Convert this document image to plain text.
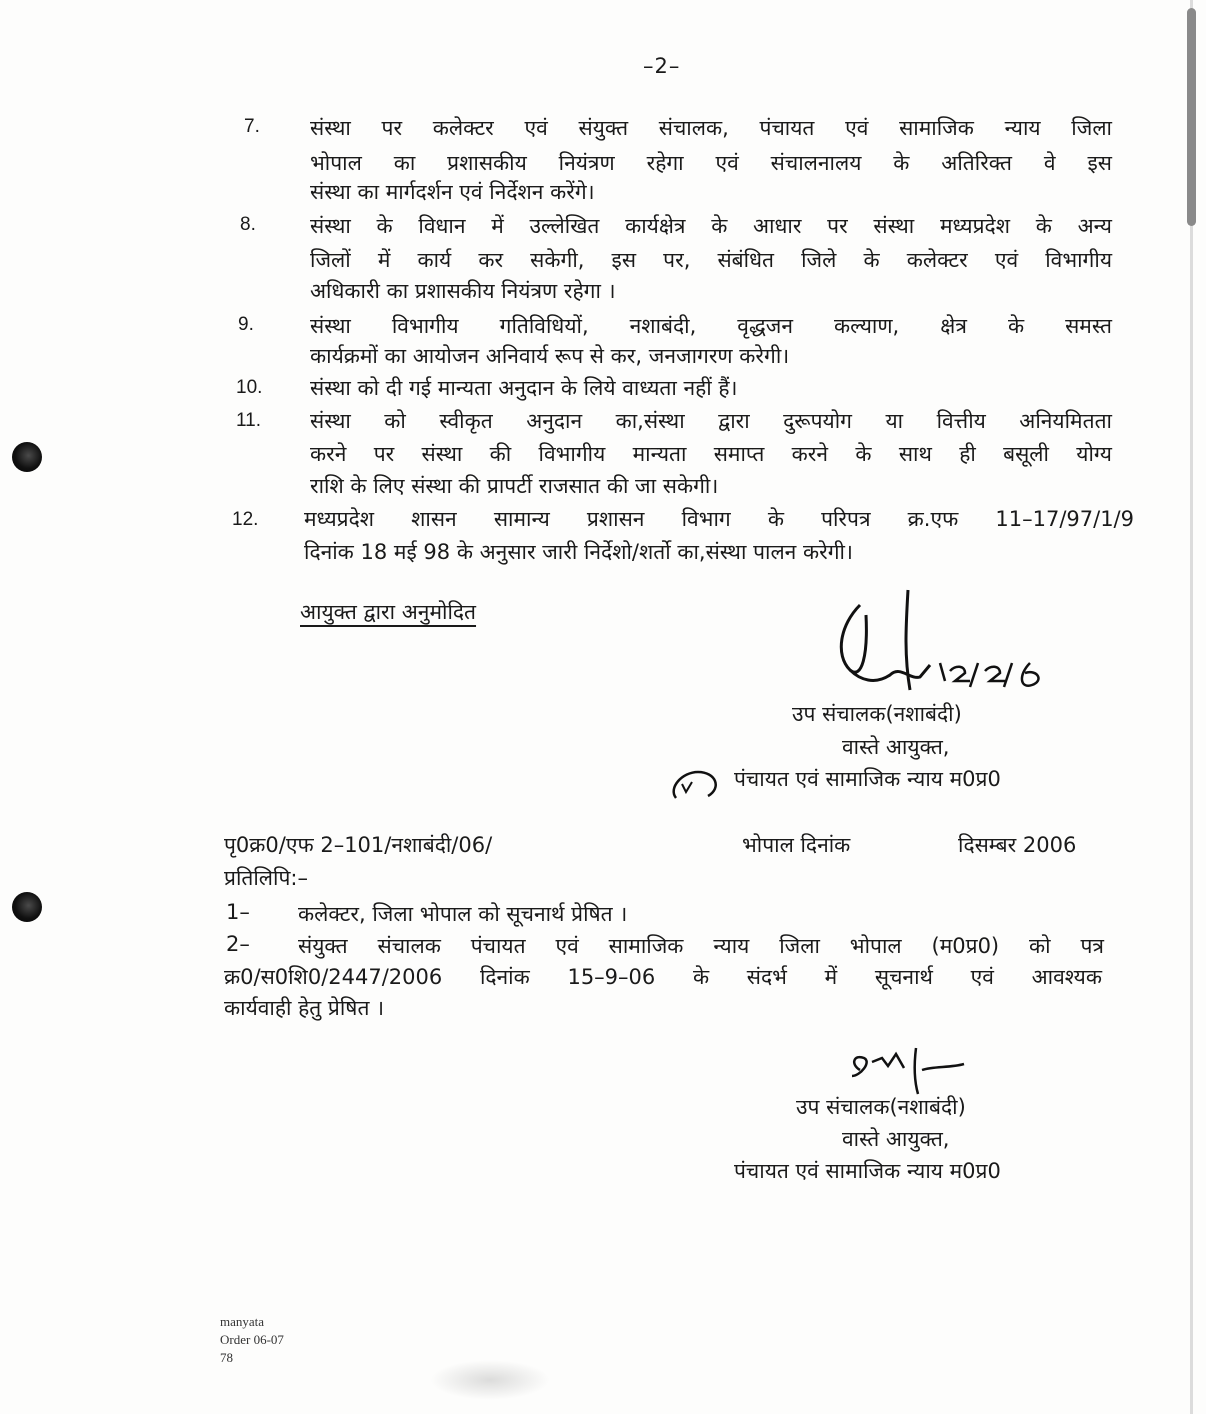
–2–
7. संस्था पर कलेक्टर एवं संयुक्त संचालक, पंचायत एवं सामाजिक न्याय जिला
भोपाल का प्रशासकीय नियंत्रण रहेगा एवं संचालनालय के अतिरिक्त वे इस
संस्था का मार्गदर्शन एवं निर्देशन करेंगे।
8.	संस्था के विधान में उल्लेखित कार्यक्षेत्र के आधार पर संस्था मध्यप्रदेश के अन्य
जिलों में कार्य कर सकेगी, इस पर, संबंधित जिले के कलेक्टर एवं विभागीय
अधिकारी का प्रशासकीय नियंत्रण रहेगा ।
9.	संस्था विभागीय गतिविधियों, नशाबंदी, वृद्धजन कल्याण, क्षेत्र के समस्त
कार्यक्रमों का आयोजन अनिवार्य रूप से कर, जनजागरण करेगी।
10. संस्था को दी गई मान्यता अनुदान के लिये वाध्यता नहीं हैं।
11. संस्था को स्वीकृत अनुदान का,संस्था द्वारा दुरूपयोग या वित्तीय अनियमितता
करने पर संस्था की विभागीय मान्यता समाप्त करने के साथ ही बसूली योग्य
राशि के लिए संस्था की प्रापर्टी राजसात की जा सकेगी।
12. मध्यप्रदेश शासन सामान्य प्रशासन विभाग के परिपत्र क्र.एफ 11–17/97/1/9
दिनांक 18 मई 98 के अनुसार जारी निर्देशो/शर्तो का,संस्था पालन करेगी।
आयुक्त द्वारा अनुमोदित
उप संचालक(नशाबंदी)
वास्ते आयुक्त,
पंचायत एवं सामाजिक न्याय म0प्र0
पृ0क्र0/एफ 2–101/नशाबंदी/06/	भोपाल दिनांक	दिसम्बर 2006
प्रतिलिपि:–
1– कलेक्टर, जिला भोपाल को सूचनार्थ प्रेषित ।
2– संयुक्त संचालक पंचायत एवं सामाजिक न्याय जिला भोपाल (म0प्र0) को पत्र
क्र0/स0शि0/2447/2006 दिनांक 15–9–06 के संदर्भ में सूचनार्थ एवं आवश्यक
कार्यवाही हेतु प्रेषित ।
उप संचालक(नशाबंदी)
वास्ते आयुक्त,
पंचायत एवं सामाजिक न्याय म0प्र0
manyata
Order 06-07
78
